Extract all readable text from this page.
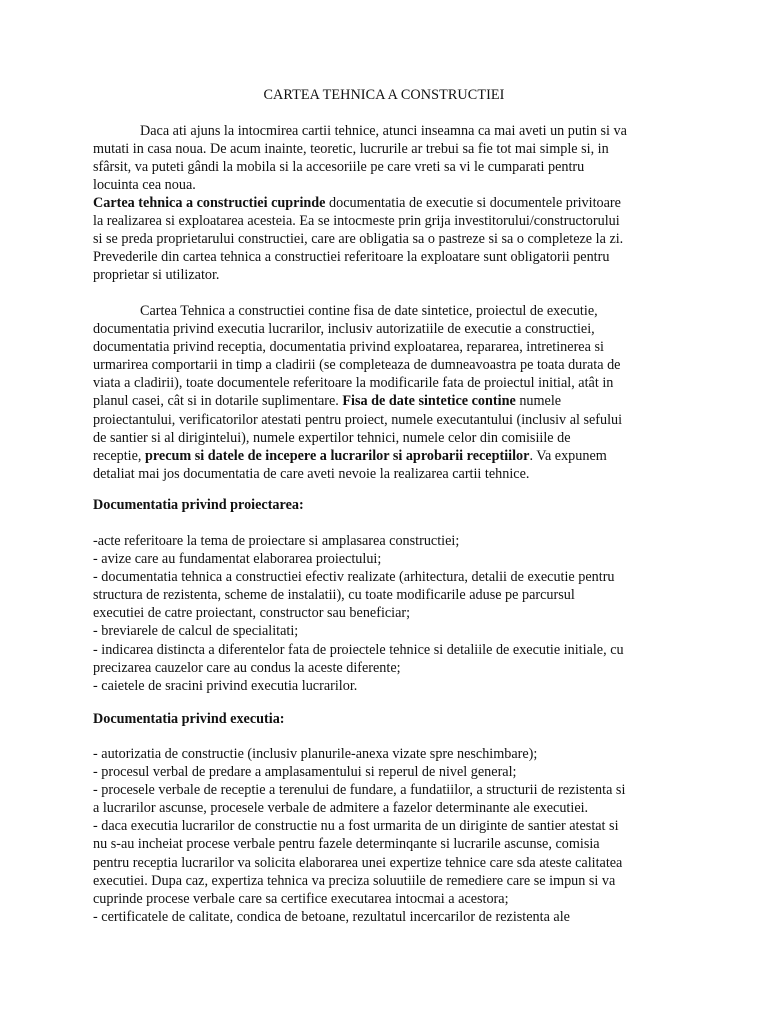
CARTEA TEHNICA A CONSTRUCTIEI
Daca ati ajuns la intocmirea cartii tehnice, atunci inseamna ca mai aveti un putin si va
mutati in casa noua. De acum inainte, teoretic, lucrurile ar trebui sa fie tot mai simple si, in
sfârsit, va puteti gândi la mobila si la accesoriile pe care vreti sa vi le cumparati pentru
locuinta cea noua.
Cartea tehnica a constructiei cuprinde documentatia de executie si documentele privitoare
la realizarea si exploatarea acesteia. Ea se intocmeste prin grija investitorului/constructorului
si se preda proprietarului constructiei, care are obligatia sa o pastreze si sa o completeze la zi.
Prevederile din cartea tehnica a constructiei referitoare la exploatare sunt obligatorii pentru
proprietar si utilizator.
Cartea Tehnica a constructiei contine fisa de date sintetice, proiectul de executie,
documentatia privind executia lucrarilor, inclusiv autorizatiile de executie a constructiei,
documentatia privind receptia, documentatia privind exploatarea, repararea, intretinerea si
urmarirea comportarii in timp a cladirii (se completeaza de dumneavoastra pe toata durata de
viata a cladirii), toate documentele referitoare la modificarile fata de proiectul initial, atât in
planul casei, cât si in dotarile suplimentare. Fisa de date sintetice contine numele
proiectantului, verificatorilor atestati pentru proiect, numele executantului (inclusiv al sefului
de santier si al dirigintelui), numele expertilor tehnici, numele celor din comisiile de
receptie, precum si datele de incepere a lucrarilor si aprobarii receptiilor. Va expunem
detaliat mai jos documentatia de care aveti nevoie la realizarea cartii tehnice.
Documentatia privind proiectarea:
-acte referitoare la tema de proiectare si amplasarea constructiei;
- avize care au fundamentat elaborarea proiectului;
- documentatia tehnica a constructiei efectiv realizate (arhitectura, detalii de executie pentru
structura de rezistenta, scheme de instalatii), cu toate modificarile aduse pe parcursul
executiei de catre proiectant, constructor sau beneficiar;
- breviarele de calcul de specialitati;
- indicarea distincta a diferentelor fata de proiectele tehnice si detaliile de executie initiale, cu
precizarea cauzelor care au condus la aceste diferente;
- caietele de sracini privind executia lucrarilor.
Documentatia privind executia:
- autorizatia de constructie (inclusiv planurile-anexa vizate spre neschimbare);
- procesul verbal de predare a amplasamentului si reperul de nivel general;
- procesele verbale de receptie a terenului de fundare, a fundatiilor, a structurii de rezistenta si
a lucrarilor ascunse, procesele verbale de admitere a fazelor determinante ale executiei.
- daca executia lucrarilor de constructie nu a fost urmarita de un diriginte de santier atestat si
nu s-au incheiat procese verbale pentru fazele determinqante si lucrarile ascunse, comisia
pentru receptia lucrarilor va solicita elaborarea unei expertize tehnice care sda ateste calitatea
executiei. Dupa caz, expertiza tehnica va preciza soluutiile de remediere care se impun si va
cuprinde procese verbale care sa certifice executarea intocmai a acestora;
- certificatele de calitate, condica de betoane, rezultatul incercarilor de rezistenta ale
